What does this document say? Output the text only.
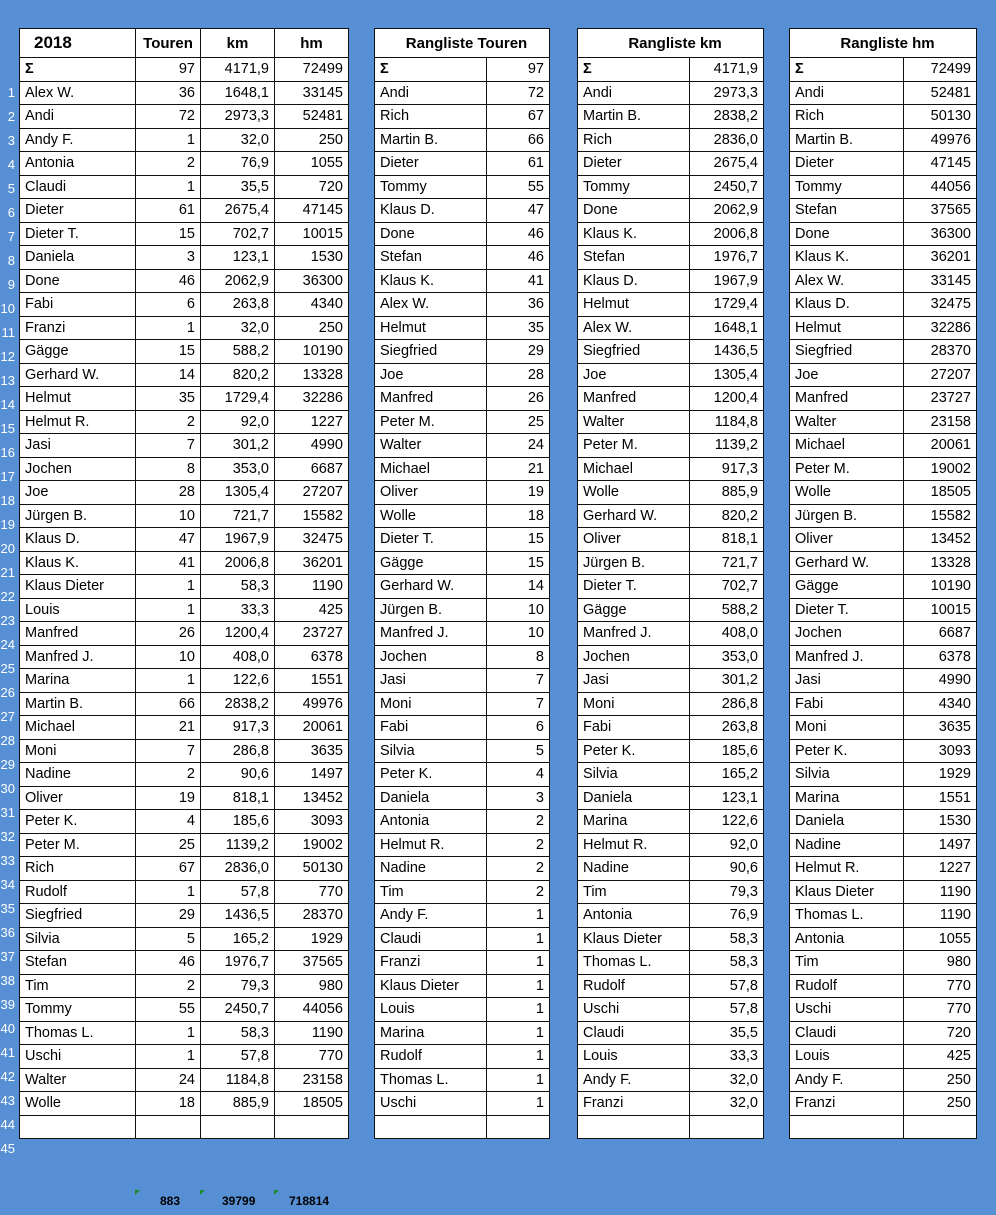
1
2
3
4
5
6
7
8
9
10
11
12
13
14
15
16
17
18
19
20
21
22
23
24
25
26
27
28
29
30
31
32
33
34
35
36
37
38
39
40
41
42
43
44
45
2018	Touren	km	hm
Σ	97	4171,9	72499
Alex W.	36	1648,1	33145
Andi	72	2973,3	52481
Andy F.	1	32,0	250
Antonia	2	76,9	1055
Claudi	1	35,5	720
Dieter	61	2675,4	47145
Dieter T.	15	702,7	10015
Daniela	3	123,1	1530
Done	46	2062,9	36300
Fabi	6	263,8	4340
Franzi	1	32,0	250
Gägge	15	588,2	10190
Gerhard W.	14	820,2	13328
Helmut	35	1729,4	32286
Helmut R.	2	92,0	1227
Jasi	7	301,2	4990
Jochen	8	353,0	6687
Joe	28	1305,4	27207
Jürgen B.	10	721,7	15582
Klaus D.	47	1967,9	32475
Klaus K.	41	2006,8	36201
Klaus Dieter	1	58,3	1190
Louis	1	33,3	425
Manfred	26	1200,4	23727
Manfred J.	10	408,0	6378
Marina	1	122,6	1551
Martin B.	66	2838,2	49976
Michael	21	917,3	20061
Moni	7	286,8	3635
Nadine	2	90,6	1497
Oliver	19	818,1	13452
Peter K.	4	185,6	3093
Peter M.	25	1139,2	19002
Rich	67	2836,0	50130
Rudolf	1	57,8	770
Siegfried	29	1436,5	28370
Silvia	5	165,2	1929
Stefan	46	1976,7	37565
Tim	2	79,3	980
Tommy	55	2450,7	44056
Thomas L.	1	58,3	1190
Uschi	1	57,8	770
Walter	24	1184,8	23158
Wolle	18	885,9	18505

Rangliste Touren	
Σ	97
Andi	72
Rich	67
Martin B.	66
Dieter	61
Tommy	55
Klaus D.	47
Done	46
Stefan	46
Klaus K.	41
Alex W.	36
Helmut	35
Siegfried	29
Joe	28
Manfred	26
Peter M.	25
Walter	24
Michael	21
Oliver	19
Wolle	18
Dieter T.	15
Gägge	15
Gerhard W.	14
Jürgen B.	10
Manfred J.	10
Jochen	8
Jasi	7
Moni	7
Fabi	6
Silvia	5
Peter K.	4
Daniela	3
Antonia	2
Helmut R.	2
Nadine	2
Tim	2
Andy F.	1
Claudi	1
Franzi	1
Klaus Dieter	1
Louis	1
Marina	1
Rudolf	1
Thomas L.	1
Uschi	1

Rangliste km	
Σ	4171,9
Andi	2973,3
Martin B.	2838,2
Rich	2836,0
Dieter	2675,4
Tommy	2450,7
Done	2062,9
Klaus K.	2006,8
Stefan	1976,7
Klaus D.	1967,9
Helmut	1729,4
Alex W.	1648,1
Siegfried	1436,5
Joe	1305,4
Manfred	1200,4
Walter	1184,8
Peter M.	1139,2
Michael	917,3
Wolle	885,9
Gerhard W.	820,2
Oliver	818,1
Jürgen B.	721,7
Dieter T.	702,7
Gägge	588,2
Manfred J.	408,0
Jochen	353,0
Jasi	301,2
Moni	286,8
Fabi	263,8
Peter K.	185,6
Silvia	165,2
Daniela	123,1
Marina	122,6
Helmut R.	92,0
Nadine	90,6
Tim	79,3
Antonia	76,9
Klaus Dieter	58,3
Thomas L.	58,3
Rudolf	57,8
Uschi	57,8
Claudi	35,5
Louis	33,3
Andy F.	32,0
Franzi	32,0

Rangliste hm	
Σ	72499
Andi	52481
Rich	50130
Martin B.	49976
Dieter	47145
Tommy	44056
Stefan	37565
Done	36300
Klaus K.	36201
Alex W.	33145
Klaus D.	32475
Helmut	32286
Siegfried	28370
Joe	27207
Manfred	23727
Walter	23158
Michael	20061
Peter M.	19002
Wolle	18505
Jürgen B.	15582
Oliver	13452
Gerhard W.	13328
Gägge	10190
Dieter T.	10015
Jochen	6687
Manfred J.	6378
Jasi	4990
Fabi	4340
Moni	3635
Peter K.	3093
Silvia	1929
Marina	1551
Daniela	1530
Nadine	1497
Helmut R.	1227
Klaus Dieter	1190
Thomas L.	1190
Antonia	1055
Tim	980
Rudolf	770
Uschi	770
Claudi	720
Louis	425
Andy F.	250
Franzi	250

883	39799	718814
